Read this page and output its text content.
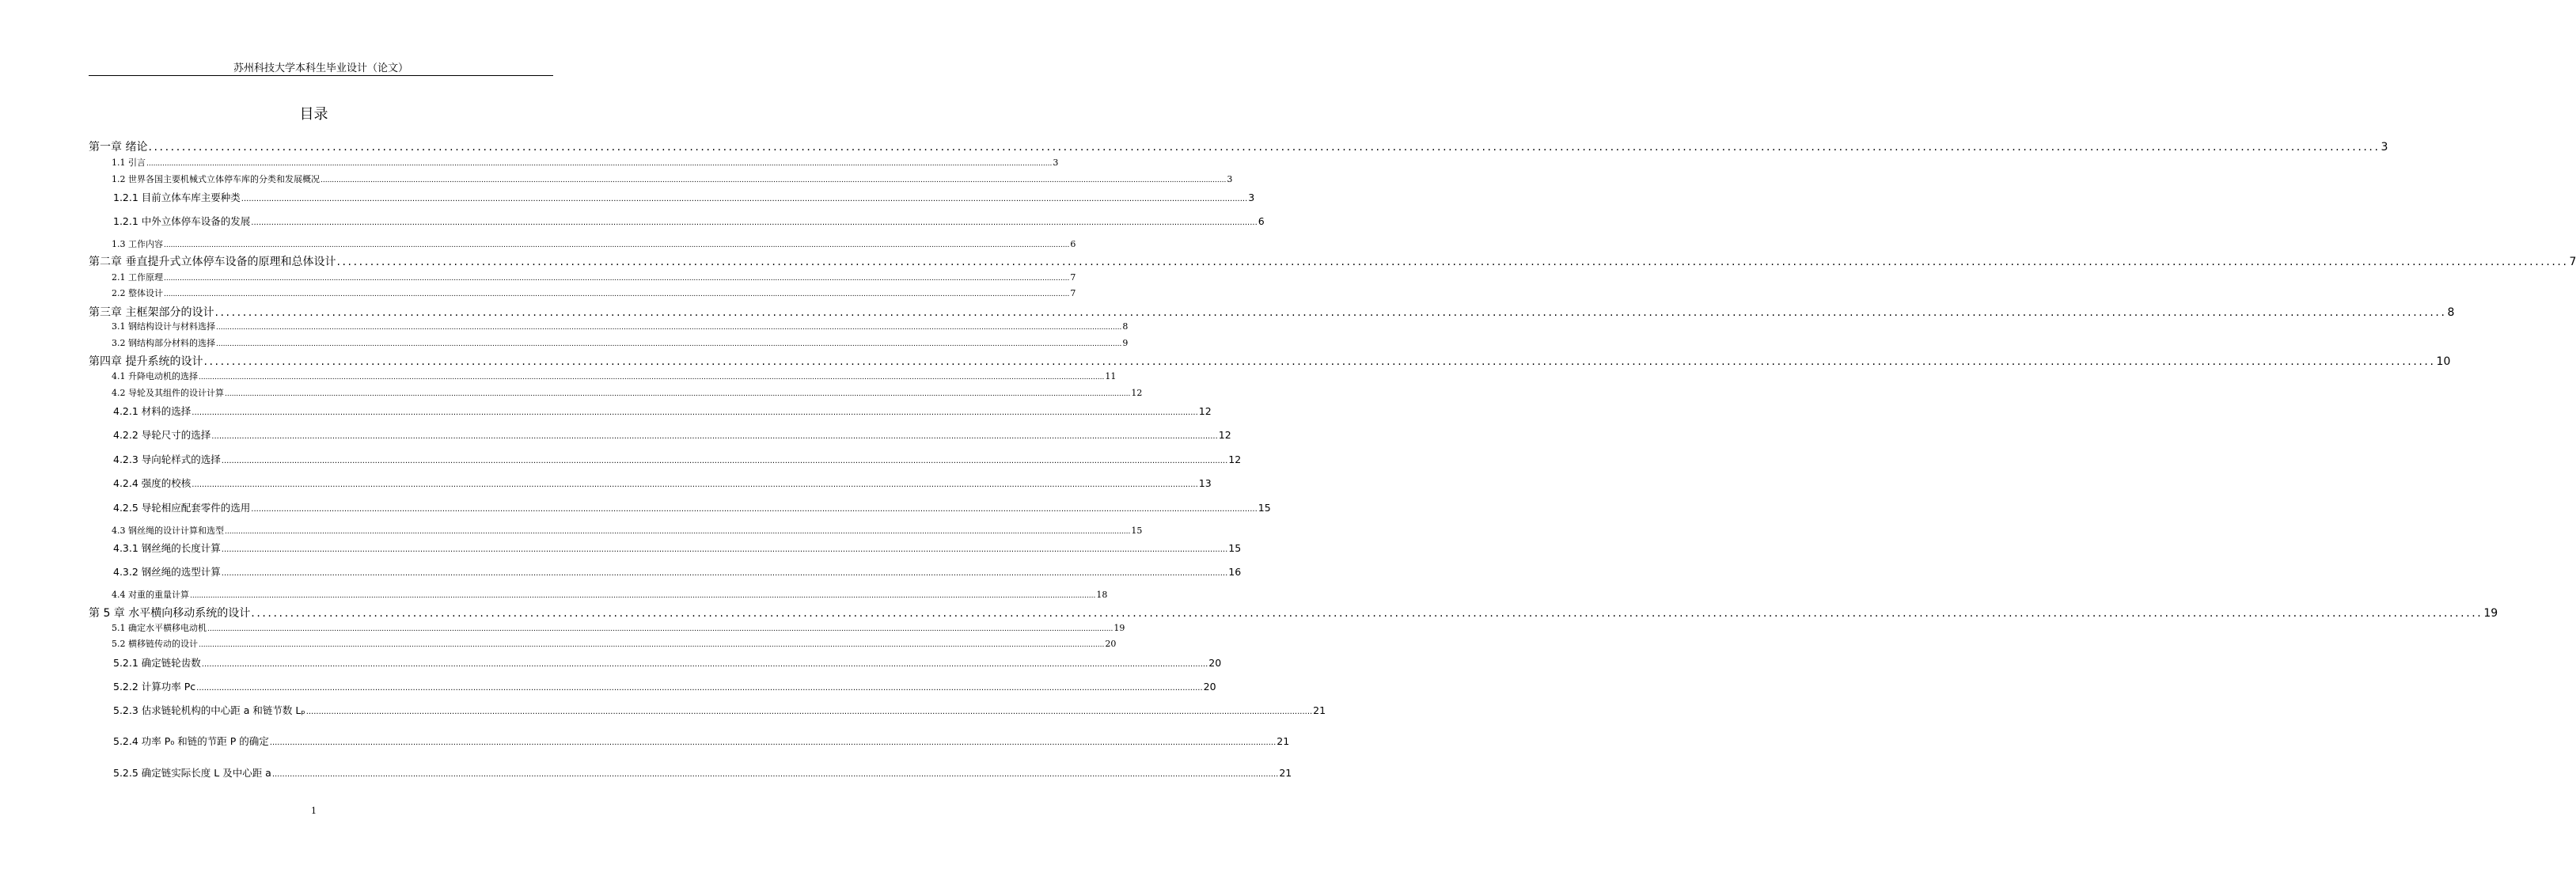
苏州科技大学本科生毕业设计（论文）
目录
第一章 绪论 ................................................................................................................................................................................................................................................................................................................................................................................................................ 3
1.1 引言 ................................................................................................................................................................................................................................................................................................................................................................................................................ 3
1.2 世界各国主要机械式立体停车库的分类和发展概况 ................................................................................................................................................................................................................................................................................................................................................................................................................ 3
1.2.1 目前立体车库主要种类 ................................................................................................................................................................................................................................................................................................................................................................................................................ 3
1.2.1 中外立体停车设备的发展 ................................................................................................................................................................................................................................................................................................................................................................................................................ 6
1.3 工作内容 ................................................................................................................................................................................................................................................................................................................................................................................................................ 6
第二章 垂直提升式立体停车设备的原理和总体设计 ................................................................................................................................................................................................................................................................................................................................................................................................................ 7
2.1 工作原理 ................................................................................................................................................................................................................................................................................................................................................................................................................ 7
2.2 整体设计 ................................................................................................................................................................................................................................................................................................................................................................................................................ 7
第三章 主框架部分的设计 ................................................................................................................................................................................................................................................................................................................................................................................................................ 8
3.1 钢结构设计与材料选择 ................................................................................................................................................................................................................................................................................................................................................................................................................ 8
3.2 钢结构部分材料的选择 ................................................................................................................................................................................................................................................................................................................................................................................................................ 9
第四章 提升系统的设计 ................................................................................................................................................................................................................................................................................................................................................................................................................ 10
4.1 升降电动机的选择 ................................................................................................................................................................................................................................................................................................................................................................................................................ 11
4.2 导轮及其组件的设计计算 ................................................................................................................................................................................................................................................................................................................................................................................................................ 12
4.2.1 材料的选择 ................................................................................................................................................................................................................................................................................................................................................................................................................ 12
4.2.2 导轮尺寸的选择 ................................................................................................................................................................................................................................................................................................................................................................................................................ 12
4.2.3 导向轮样式的选择 ................................................................................................................................................................................................................................................................................................................................................................................................................ 12
4.2.4 强度的校核 ................................................................................................................................................................................................................................................................................................................................................................................................................ 13
4.2.5 导轮相应配套零件的选用 ................................................................................................................................................................................................................................................................................................................................................................................................................ 15
4.3 钢丝绳的设计计算和选型 ................................................................................................................................................................................................................................................................................................................................................................................................................ 15
4.3.1 钢丝绳的长度计算 ................................................................................................................................................................................................................................................................................................................................................................................................................ 15
4.3.2 钢丝绳的选型计算 ................................................................................................................................................................................................................................................................................................................................................................................................................ 16
4.4 对重的重量计算 ................................................................................................................................................................................................................................................................................................................................................................................................................ 18
第 5 章 水平横向移动系统的设计 ................................................................................................................................................................................................................................................................................................................................................................................................................ 19
5.1 确定水平横移电动机 ................................................................................................................................................................................................................................................................................................................................................................................................................ 19
5.2 横移链传动的设计 ................................................................................................................................................................................................................................................................................................................................................................................................................ 20
5.2.1 确定链轮齿数 ................................................................................................................................................................................................................................................................................................................................................................................................................ 20
5.2.2 计算功率 Pc ................................................................................................................................................................................................................................................................................................................................................................................................................ 20
5.2.3 估求链轮机构的中心距 a 和链节数 Lₚ ................................................................................................................................................................................................................................................................................................................................................................................................................ 21
5.2.4 功率 P₀ 和链的节距 P 的确定 ................................................................................................................................................................................................................................................................................................................................................................................................................ 21
5.2.5 确定链实际长度 L 及中心距 a ................................................................................................................................................................................................................................................................................................................................................................................................................ 21
1
